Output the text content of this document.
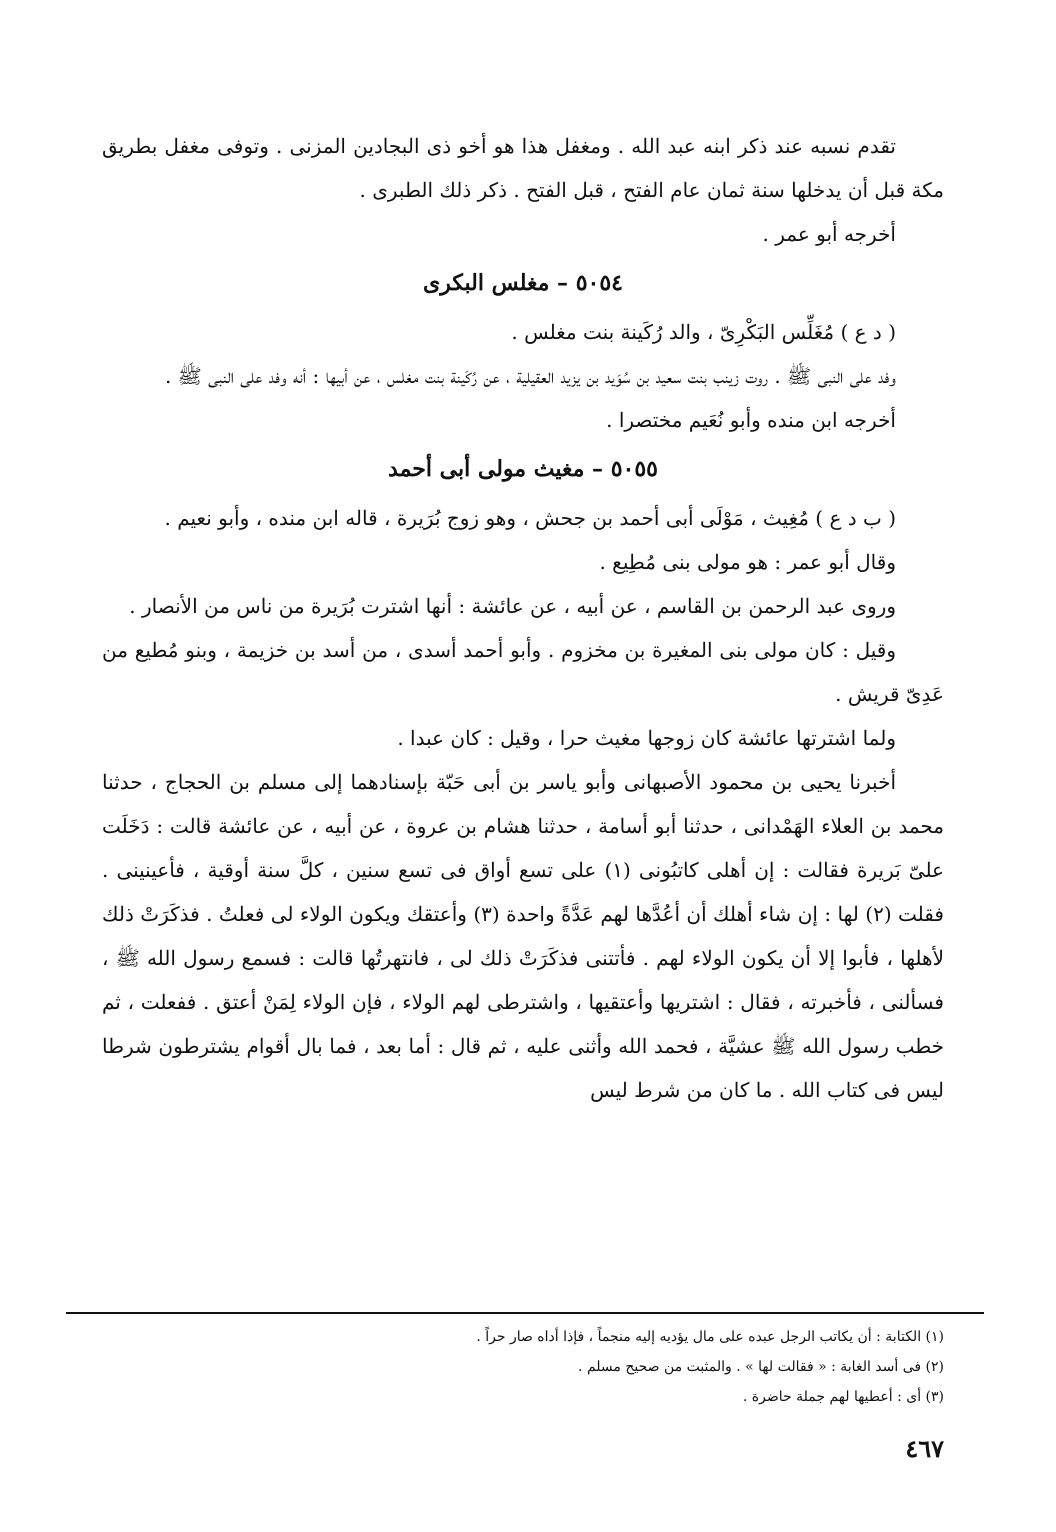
تقدم نسبه عند ذكر ابنه عبد الله . ومغفل هذا هو أخو ذى البجادين المزنى . وتوفى مغفل بطريق مكة قبل أن يدخلها سنة ثمان عام الفتح ، قبل الفتح . ذكر ذلك الطبرى .

أخرجه أبو عمر .

٥٠٥٤ – مغلس البكرى

( د ع ) مُغَلِّس البَكْرِىّ ، والد رُكَينة بنت مغلس .

وفد على النبى ﷺ . روت زينب بنت سعيد بن سُوَيد بن يزيد العقيلية ، عن رُكَينة بنت مغلس ، عن أبيها : أنه وفد على النبى ﷺ .

أخرجه ابن منده وأبو نُعَيم مختصرا .

٥٠٥٥ – مغيث مولى أبى أحمد

( ب د ع ) مُغِيث ، مَوْلَى أبى أحمد بن جحش ، وهو زوج بُرَيرة ، قاله ابن منده ، وأبو نعيم .

وقال أبو عمر : هو مولى بنى مُطِيع .

وروى عبد الرحمن بن القاسم ، عن أبيه ، عن عائشة : أنها اشترت بُرَيرة من ناس من الأنصار .

وقيل : كان مولى بنى المغيرة بن مخزوم . وأبو أحمد أسدى ، من أسد بن خزيمة ، وبنو مُطيع من عَدِىّ قريش .

ولما اشترتها عائشة كان زوجها مغيث حرا ، وقيل : كان عبدا .

أخبرنا يحيى بن محمود الأصبهانى وأبو ياسر بن أبى حَبّة بإسنادهما إلى مسلم بن الحجاج ، حدثنا محمد بن العلاء الهَمْدانى ، حدثنا أبو أسامة ، حدثنا هشام بن عروة ، عن أبيه ، عن عائشة قالت : دَخَلَت علىّ بَريرة فقالت : إن أهلى كاتبُونى (١) على تسع أواق فى تسع سنين ، كلَّ سنة أوقية ، فأعينينى . فقلت (٢) لها : إن شاء أهلك أن أعُدَّها لهم عَدَّةً واحدة (٣) وأعتقك ويكون الولاء لى فعلتُ . فذكَرَتْ ذلك لأهلها ، فأبوا إلا أن يكون الولاء لهم . فأتتنى فذكَرَتْ ذلك لى ، فانتهرتُها قالت : فسمع رسول الله ﷺ ، فسألنى ، فأخبرته ، فقال : اشتريها وأعتقيها ، واشترطى لهم الولاء ، فإن الولاء لِمَنْ أعتق . ففعلت ، ثم خطب رسول الله ﷺ عشيَّة ، فحمد الله وأثنى عليه ، ثم قال : أما بعد ، فما بال أقوام يشترطون شرطا ليس فى كتاب الله . ما كان من شرط ليس

(١) الكتابة : أن يكاتب الرجل عبده على مال يؤديه إليه منجماً ، فإذا أداه صار حراً .

(٢) فى أسد الغابة : « فقالت لها » . والمثبت من صحيح مسلم .

(٣) أى : أعطيها لهم جملة حاضرة .

٤٦٧
